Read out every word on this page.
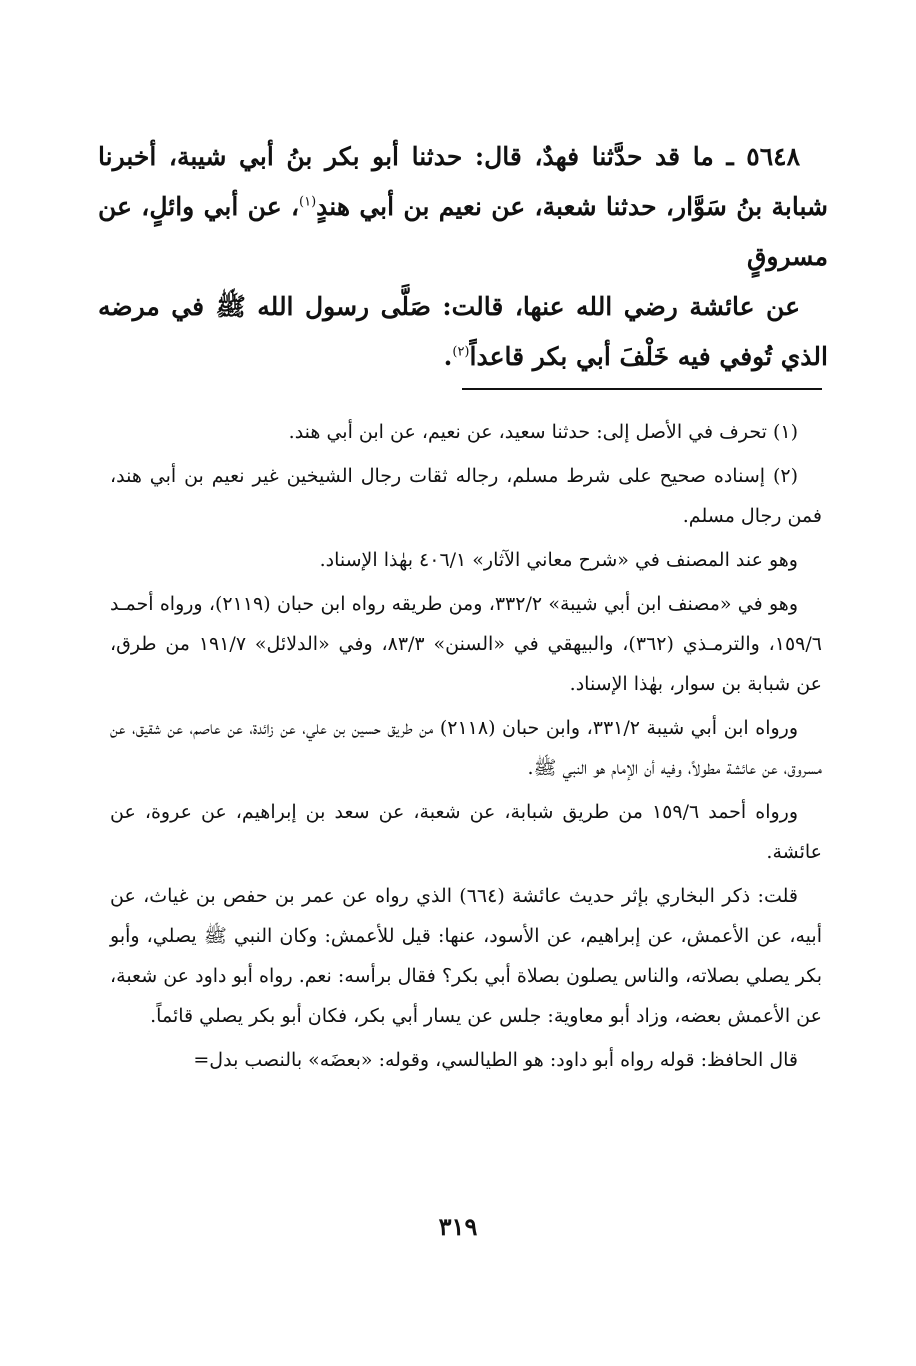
٥٦٤٨ ـ ما قد حدَّثنا فهدٌ، قال: حدثنا أبو بكر بنُ أبي شيبة، أخبرنا شبابة بنُ سَوَّار، حدثنا شعبة، عن نعيم بن أبي هندٍ$^{(١)}$، عن أبي وائلٍ، عن مسروقٍ

عن عائشة رضي الله عنها، قالت: صَلَّى رسول الله ﷺ في مرضه الذي تُوفي فيه خَلْفَ أبي بكر قاعداً$^{(٢)}$.

(١) تحرف في الأصل إلى: حدثنا سعيد، عن نعيم، عن ابن أبي هند.

(٢) إسناده صحيح على شرط مسلم، رجاله ثقات رجال الشيخين غير نعيم بن أبي هند، فمن رجال مسلم.

وهو عند المصنف في «شرح معاني الآثار» ٤٠٦/١ بهٰذا الإسناد.

وهو في «مصنف ابن أبي شيبة» ٣٣٢/٢، ومن طريقه رواه ابن حبان (٢١١٩)، ورواه أحمـد ١٥٩/٦، والترمـذي (٣٦٢)، والبيهقي في «السنن» ٨٣/٣، وفي «الدلائل» ١٩١/٧ من طرق، عن شبابة بن سوار، بهٰذا الإسناد.

ورواه ابن أبي شيبة ٣٣١/٢، وابن حبان (٢١١٨) من طريق حسين بن علي، عن زائدة، عن عاصم، عن شقيق، عن مسروق، عن عائشة مطولاً، وفيه أن الإمام هو النبي ﷺ.

ورواه أحمد ١٥٩/٦ من طريق شبابة، عن شعبة، عن سعد بن إبراهيم، عن عروة، عن عائشة.

قلت: ذكر البخاري بإثر حديث عائشة (٦٦٤) الذي رواه عن عمر بن حفص بن غياث، عن أبيه، عن الأعمش، عن إبراهيم، عن الأسود، عنها: قيل للأعمش: وكان النبي ﷺ يصلي، وأبو بكر يصلي بصلاته، والناس يصلون بصلاة أبي بكر؟ فقال برأسه: نعم. رواه أبو داود عن شعبة، عن الأعمش بعضه، وزاد أبو معاوية: جلس عن يسار أبي بكر، فكان أبو بكر يصلي قائماً.

قال الحافظ: قوله رواه أبو داود: هو الطيالسي، وقوله: «بعضَه» بالنصب بدل=

٣١٩
